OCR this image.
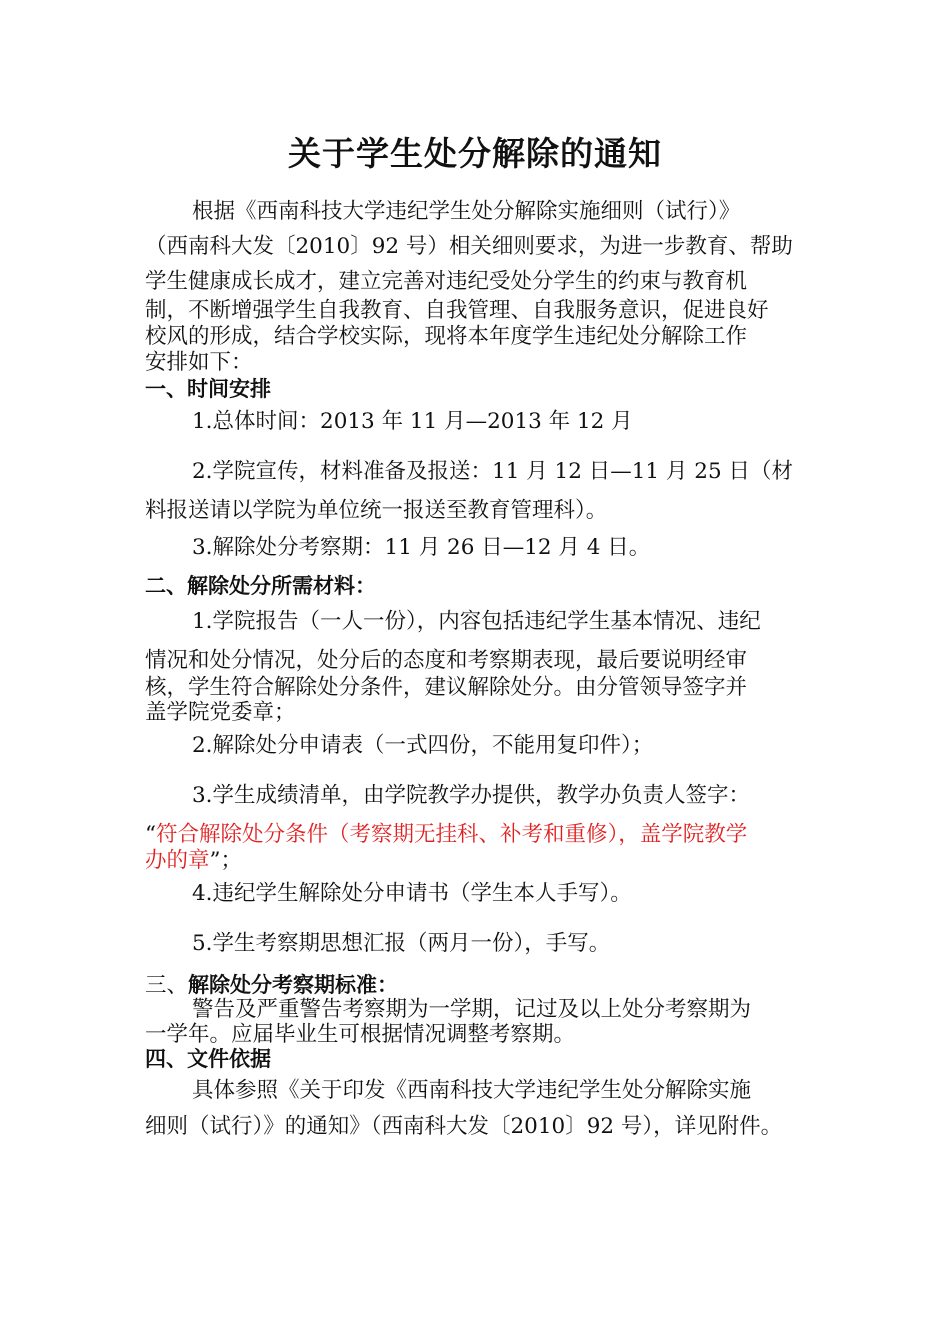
关于学生处分解除的通知
根据《西南科技大学违纪学生处分解除实施细则（试行）》
（西南科大发〔2010〕92 号）相关细则要求，为进一步教育、帮助
学生健康成长成才，建立完善对违纪受处分学生的约束与教育机
制，不断增强学生自我教育、自我管理、自我服务意识，促进良好
校风的形成，结合学校实际，现将本年度学生违纪处分解除工作
安排如下：
一、时间安排
1.总体时间：2013 年 11 月—2013 年 12 月
2.学院宣传，材料准备及报送：11 月 12 日—11 月 25 日（材
料报送请以学院为单位统一报送至教育管理科）。
3.解除处分考察期：11 月 26 日—12 月 4 日。
二、解除处分所需材料：
1.学院报告（一人一份），内容包括违纪学生基本情况、违纪
情况和处分情况，处分后的态度和考察期表现，最后要说明经审
核，学生符合解除处分条件，建议解除处分。由分管领导签字并
盖学院党委章；
2.解除处分申请表（一式四份，不能用复印件）；
3.学生成绩清单，由学院教学办提供，教学办负责人签字：
“符合解除处分条件（考察期无挂科、补考和重修），盖学院教学
办的章”；
4.违纪学生解除处分申请书（学生本人手写）。
5.学生考察期思想汇报（两月一份），手写。
三、解除处分考察期标准：
警告及严重警告考察期为一学期，记过及以上处分考察期为
一学年。应届毕业生可根据情况调整考察期。
四、文件依据
具体参照《关于印发《西南科技大学违纪学生处分解除实施
细则（试行）》的通知》（西南科大发〔2010〕92 号），详见附件。
